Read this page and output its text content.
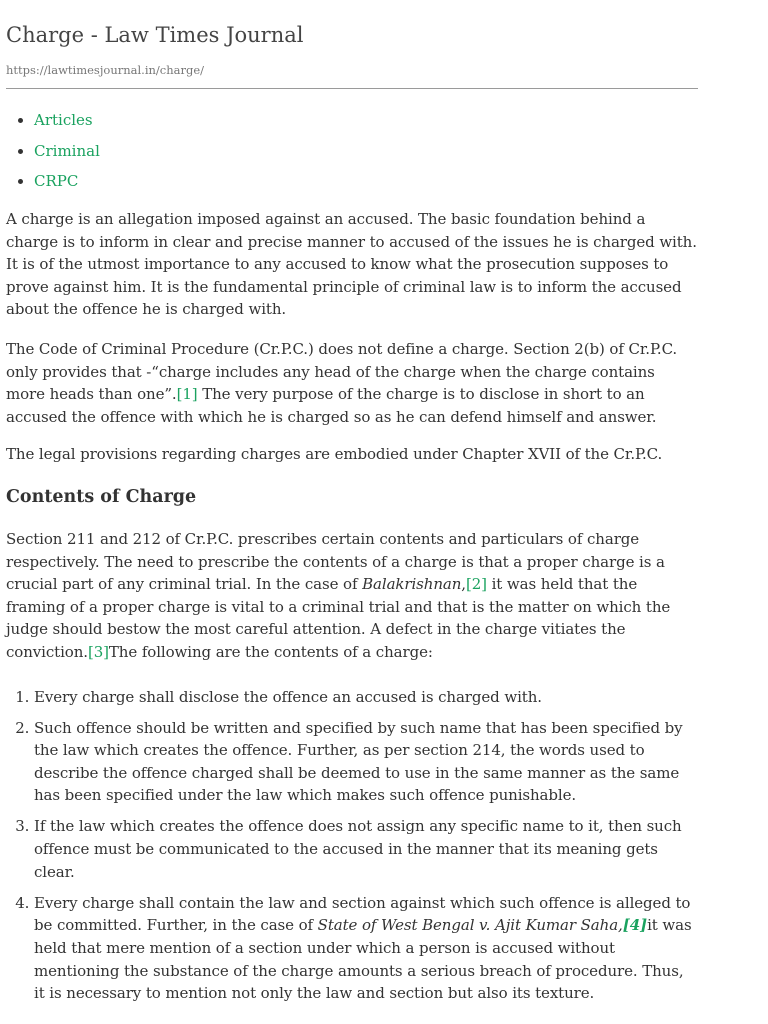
Charge - Law Times Journal
https://lawtimesjournal.in/charge/
• Articles
• Criminal
• CRPC

A charge is an allegation imposed against an accused. The basic foundation behind a charge is to inform in clear and precise manner to accused of the issues he is charged with. It is of the utmost importance to any accused to know what the prosecution supposes to prove against him. It is the fundamental principle of criminal law is to inform the accused about the offence he is charged with.

The Code of Criminal Procedure (Cr.P.C.) does not define a charge. Section 2(b) of Cr.P.C. only provides that -“charge includes any head of the charge when the charge contains more heads than one”.[1] The very purpose of the charge is to disclose in short to an accused the offence with which he is charged so as he can defend himself and answer.

The legal provisions regarding charges are embodied under Chapter XVII of the Cr.P.C.

Contents of Charge

Section 211 and 212 of Cr.P.C. prescribes certain contents and particulars of charge respectively. The need to prescribe the contents of a charge is that a proper charge is a crucial part of any criminal trial. In the case of Balakrishnan,[2] it was held that the framing of a proper charge is vital to a criminal trial and that is the matter on which the judge should bestow the most careful attention. A defect in the charge vitiates the conviction.[3]The following are the contents of a charge:

1. Every charge shall disclose the offence an accused is charged with.
2. Such offence should be written and specified by such name that has been specified by the law which creates the offence. Further, as per section 214, the words used to describe the offence charged shall be deemed to use in the same manner as the same has been specified under the law which makes such offence punishable.
3. If the law which creates the offence does not assign any specific name to it, then such offence must be communicated to the accused in the manner that its meaning gets clear.
4. Every charge shall contain the law and section against which such offence is alleged to be committed. Further, in the case of State of West Bengal v. Ajit Kumar Saha,[4]it was held that mere mention of a section under which a person is accused without mentioning the substance of the charge amounts a serious breach of procedure. Thus, it is necessary to mention not only the law and section but also its texture.
